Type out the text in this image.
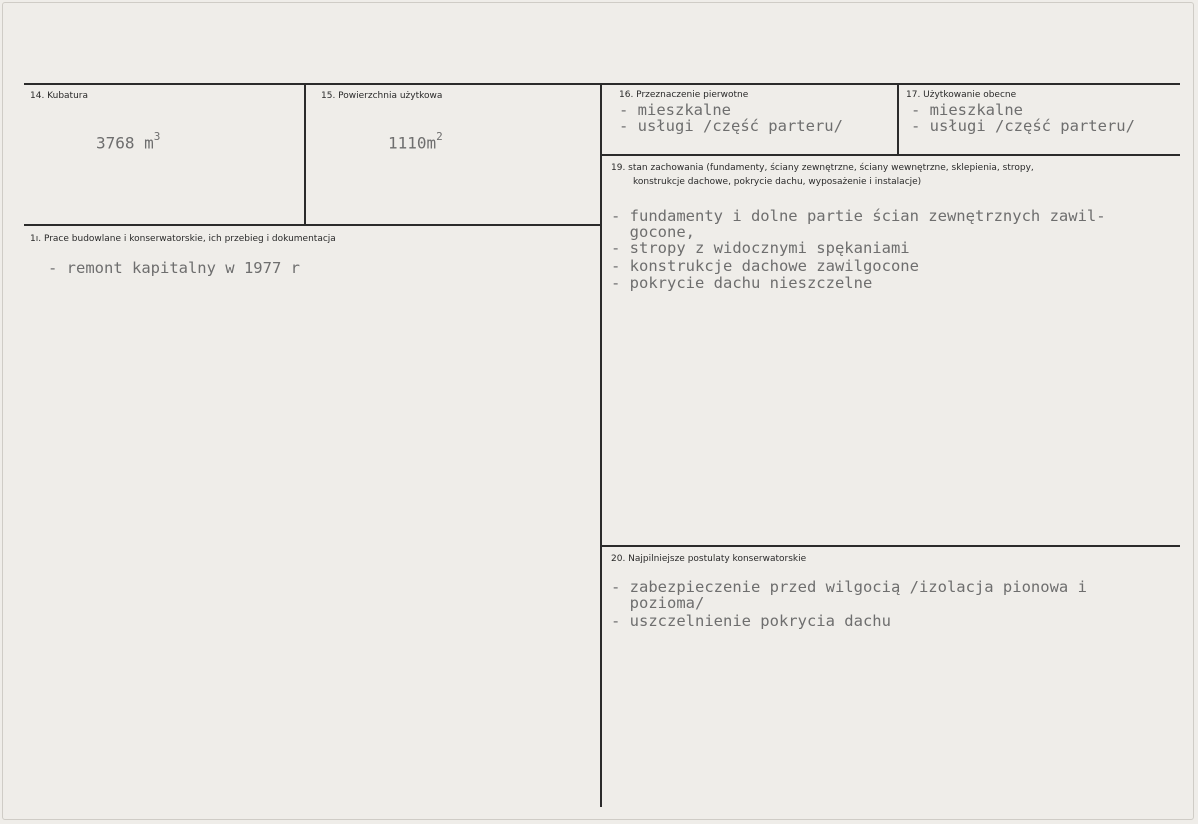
14. Kubatura
3768 $m^3$
15. Powierzchnia użytkowa
$1110m^2$
16. Przeznaczenie pierwotne
- mieszkalne
- usługi /część parteru/
17. Użytkowanie obecne
- mieszkalne
- usługi /część parteru/
1ı. Prace budowlane i konserwatorskie, ich przebieg i dokumentacja
- remont kapitalny w 1977 r
19. stan zachowania (fundamenty, ściany zewnętrzne, ściany wewnętrzne, sklepienia, stropy,
konstrukcje dachowe, pokrycie dachu, wyposażenie i instalacje)
- fundamenty i dolne partie ścian zewnętrznych zawil-
gocone,
- stropy z widocznymi spękaniami
- konstrukcje dachowe zawilgocone
- pokrycie dachu nieszczelne
20. Najpilniejsze postulaty konserwatorskie
- zabezpieczenie przed wilgocią /izolacja pionowa i
pozioma/
- uszczelnienie pokrycia dachu
